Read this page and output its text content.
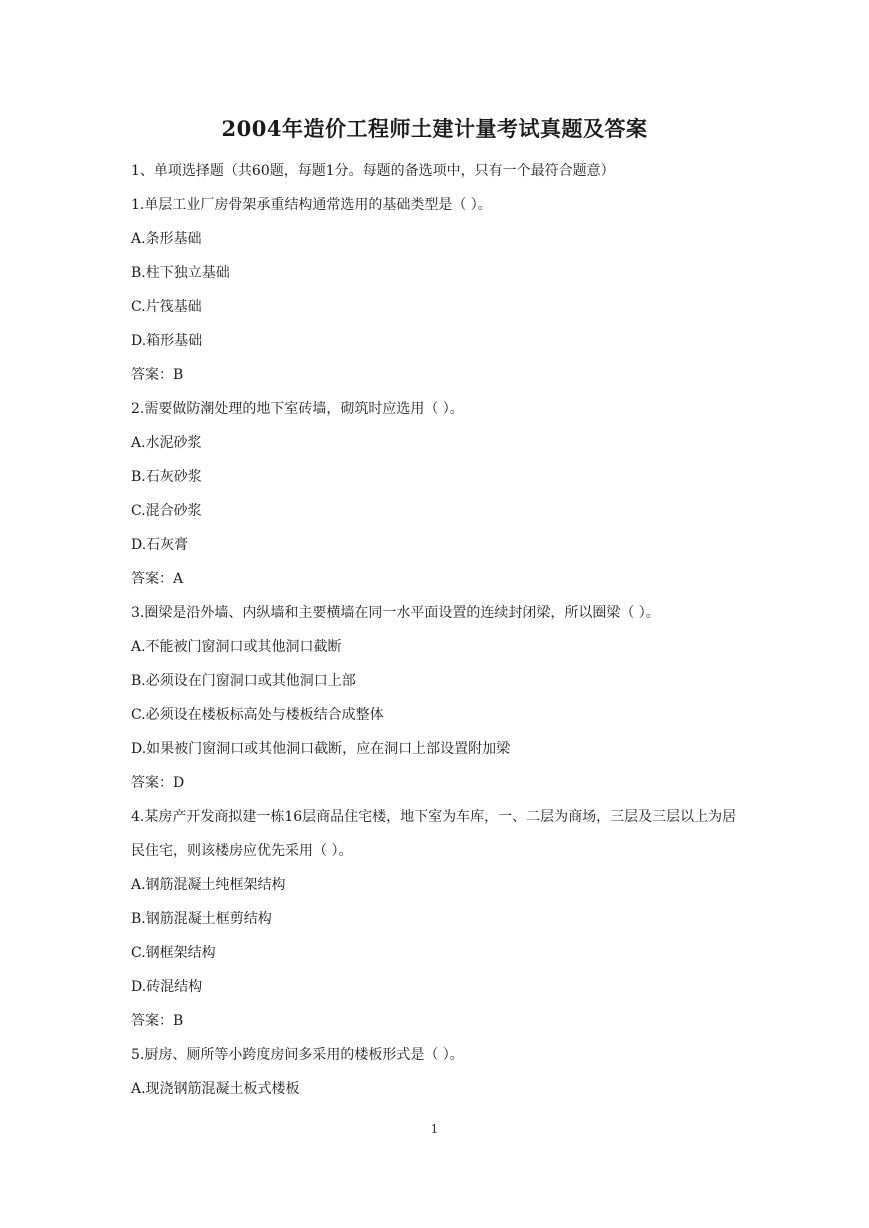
2004年造价工程师土建计量考试真题及答案
1、单项选择题（共60题，每题1分。每题的备选项中，只有一个最符合题意）
1.单层工业厂房骨架承重结构通常选用的基础类型是（ ）。
A.条形基础
B.柱下独立基础
C.片筏基础
D.箱形基础
答案：B
2.需要做防潮处理的地下室砖墙，砌筑时应选用（ ）。
A.水泥砂浆
B.石灰砂浆
C.混合砂浆
D.石灰膏
答案：A
3.圈梁是沿外墙、内纵墙和主要横墙在同一水平面设置的连续封闭梁，所以圈梁（ ）。
A.不能被门窗洞口或其他洞口截断
B.必须设在门窗洞口或其他洞口上部
C.必须设在楼板标高处与楼板结合成整体
D.如果被门窗洞口或其他洞口截断，应在洞口上部设置附加梁
答案：D
4.某房产开发商拟建一栋16层商品住宅楼，地下室为车库，一、二层为商场，三层及三层以上为居民住宅，则该楼房应优先采用（ ）。
A.钢筋混凝土纯框架结构
B.钢筋混凝土框剪结构
C.钢框架结构
D.砖混结构
答案：B
5.厨房、厕所等小跨度房间多采用的楼板形式是（ ）。
A.现浇钢筋混凝土板式楼板
1
